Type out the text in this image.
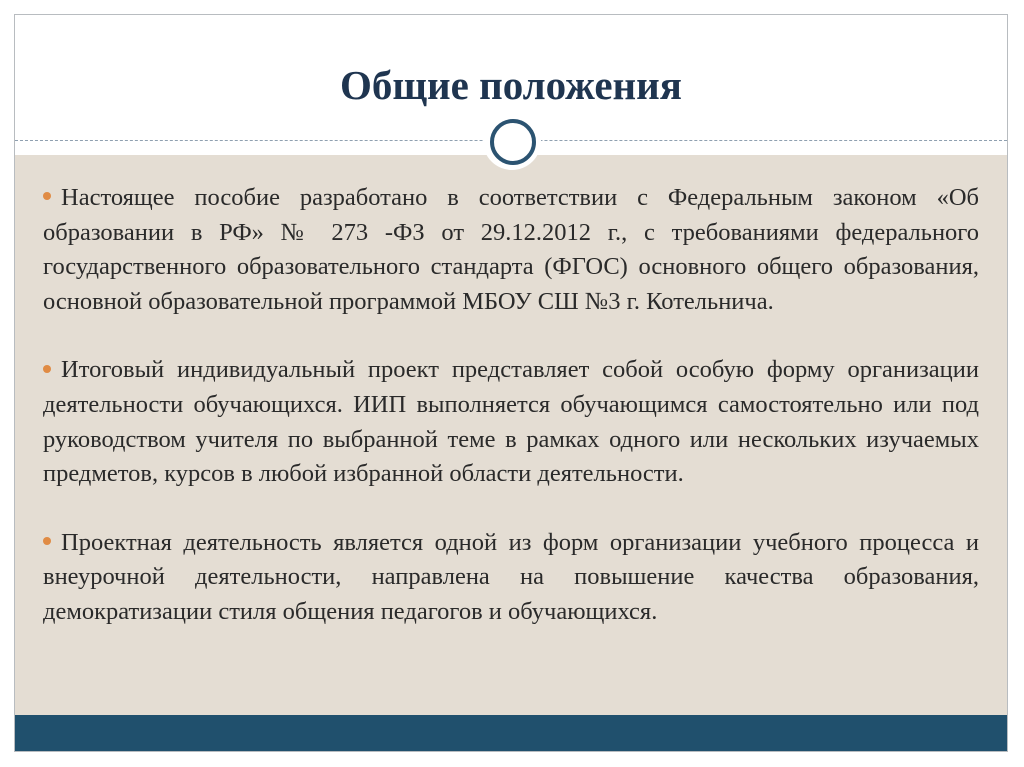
Общие положения

Настоящее пособие разработано в соответствии с Федеральным законом «Об образовании в РФ» № 273 -ФЗ от 29.12.2012 г., с требованиями федерального государственного образовательного стандарта (ФГОС) основного общего образования, основной образовательной программой МБОУ СШ №3 г. Котельнича.

Итоговый индивидуальный проект представляет собой особую форму организации деятельности обучающихся. ИИП выполняется обучающимся самостоятельно или под руководством учителя по выбранной теме в рамках одного или нескольких изучаемых предметов, курсов в любой избранной области деятельности.

Проектная деятельность является одной из форм организации учебного процесса и внеурочной деятельности, направлена на повышение качества образования, демократизации стиля общения педагогов и обучающихся.
